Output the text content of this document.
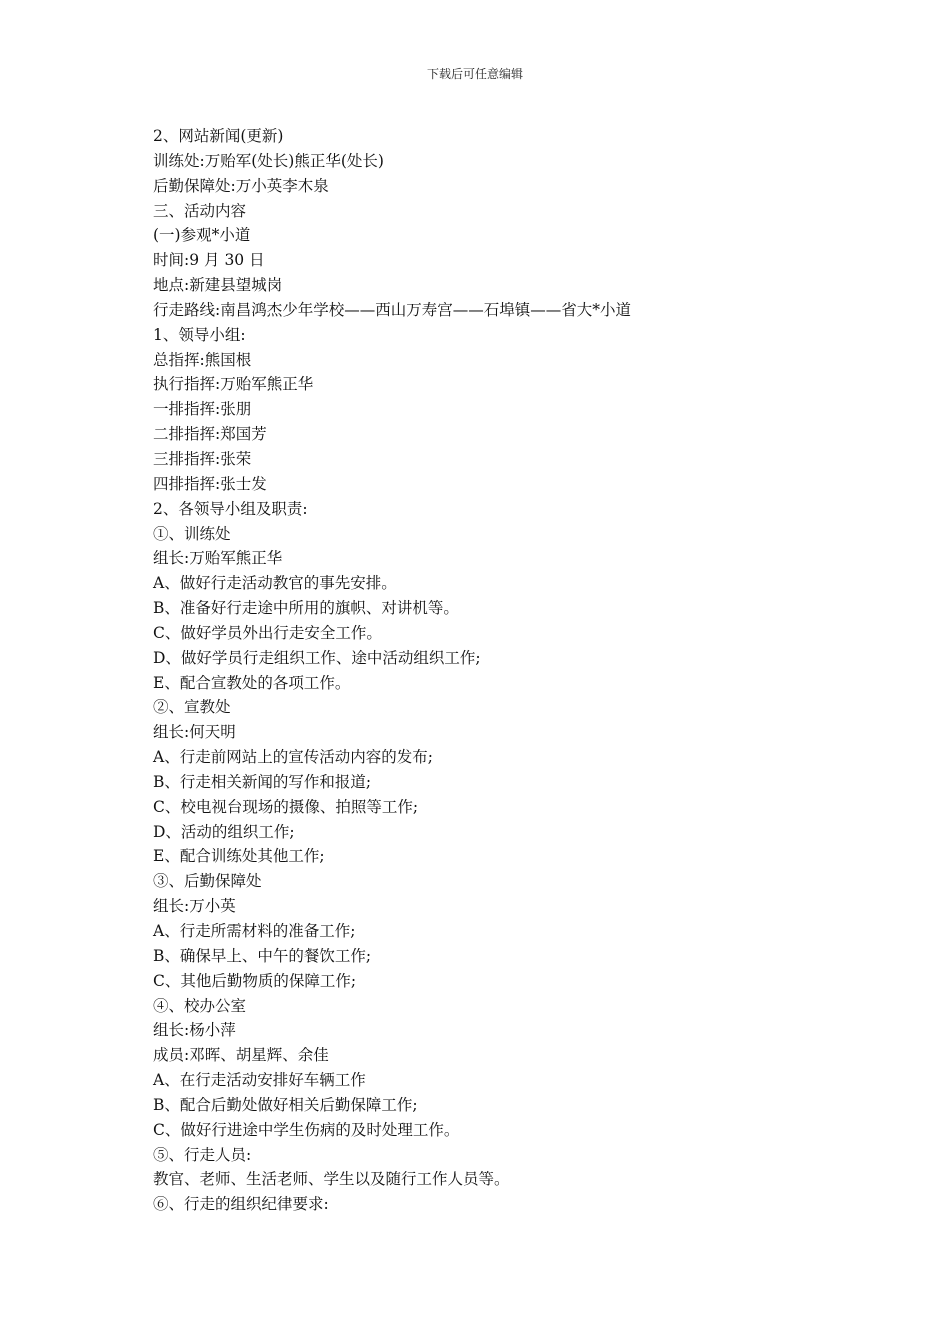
下载后可任意编辑
2、网站新闻(更新)
训练处:万贻军(处长)熊正华(处长)
后勤保障处:万小英李木泉
三、活动内容
(一)参观*小道
时间:9 月 30 日
地点:新建县望城岗
行走路线:南昌鸿杰少年学校——西山万寿宫——石埠镇——省大*小道
1、领导小组:
总指挥:熊国根
执行指挥:万贻军熊正华
一排指挥:张朋
二排指挥:郑国芳
三排指挥:张荣
四排指挥:张士发
2、各领导小组及职责:
①、训练处
组长:万贻军熊正华
A、做好行走活动教官的事先安排。
B、准备好行走途中所用的旗帜、对讲机等。
C、做好学员外出行走安全工作。
D、做好学员行走组织工作、途中活动组织工作;
E、配合宣教处的各项工作。
②、宣教处
组长:何天明
A、行走前网站上的宣传活动内容的发布;
B、行走相关新闻的写作和报道;
C、校电视台现场的摄像、拍照等工作;
D、活动的组织工作;
E、配合训练处其他工作;
③、后勤保障处
组长:万小英
A、行走所需材料的准备工作;
B、确保早上、中午的餐饮工作;
C、其他后勤物质的保障工作;
④、校办公室
组长:杨小萍
成员:邓晖、胡星辉、余佳
A、在行走活动安排好车辆工作
B、配合后勤处做好相关后勤保障工作;
C、做好行进途中学生伤病的及时处理工作。
⑤、行走人员:
教官、老师、生活老师、学生以及随行工作人员等。
⑥、行走的组织纪律要求:
